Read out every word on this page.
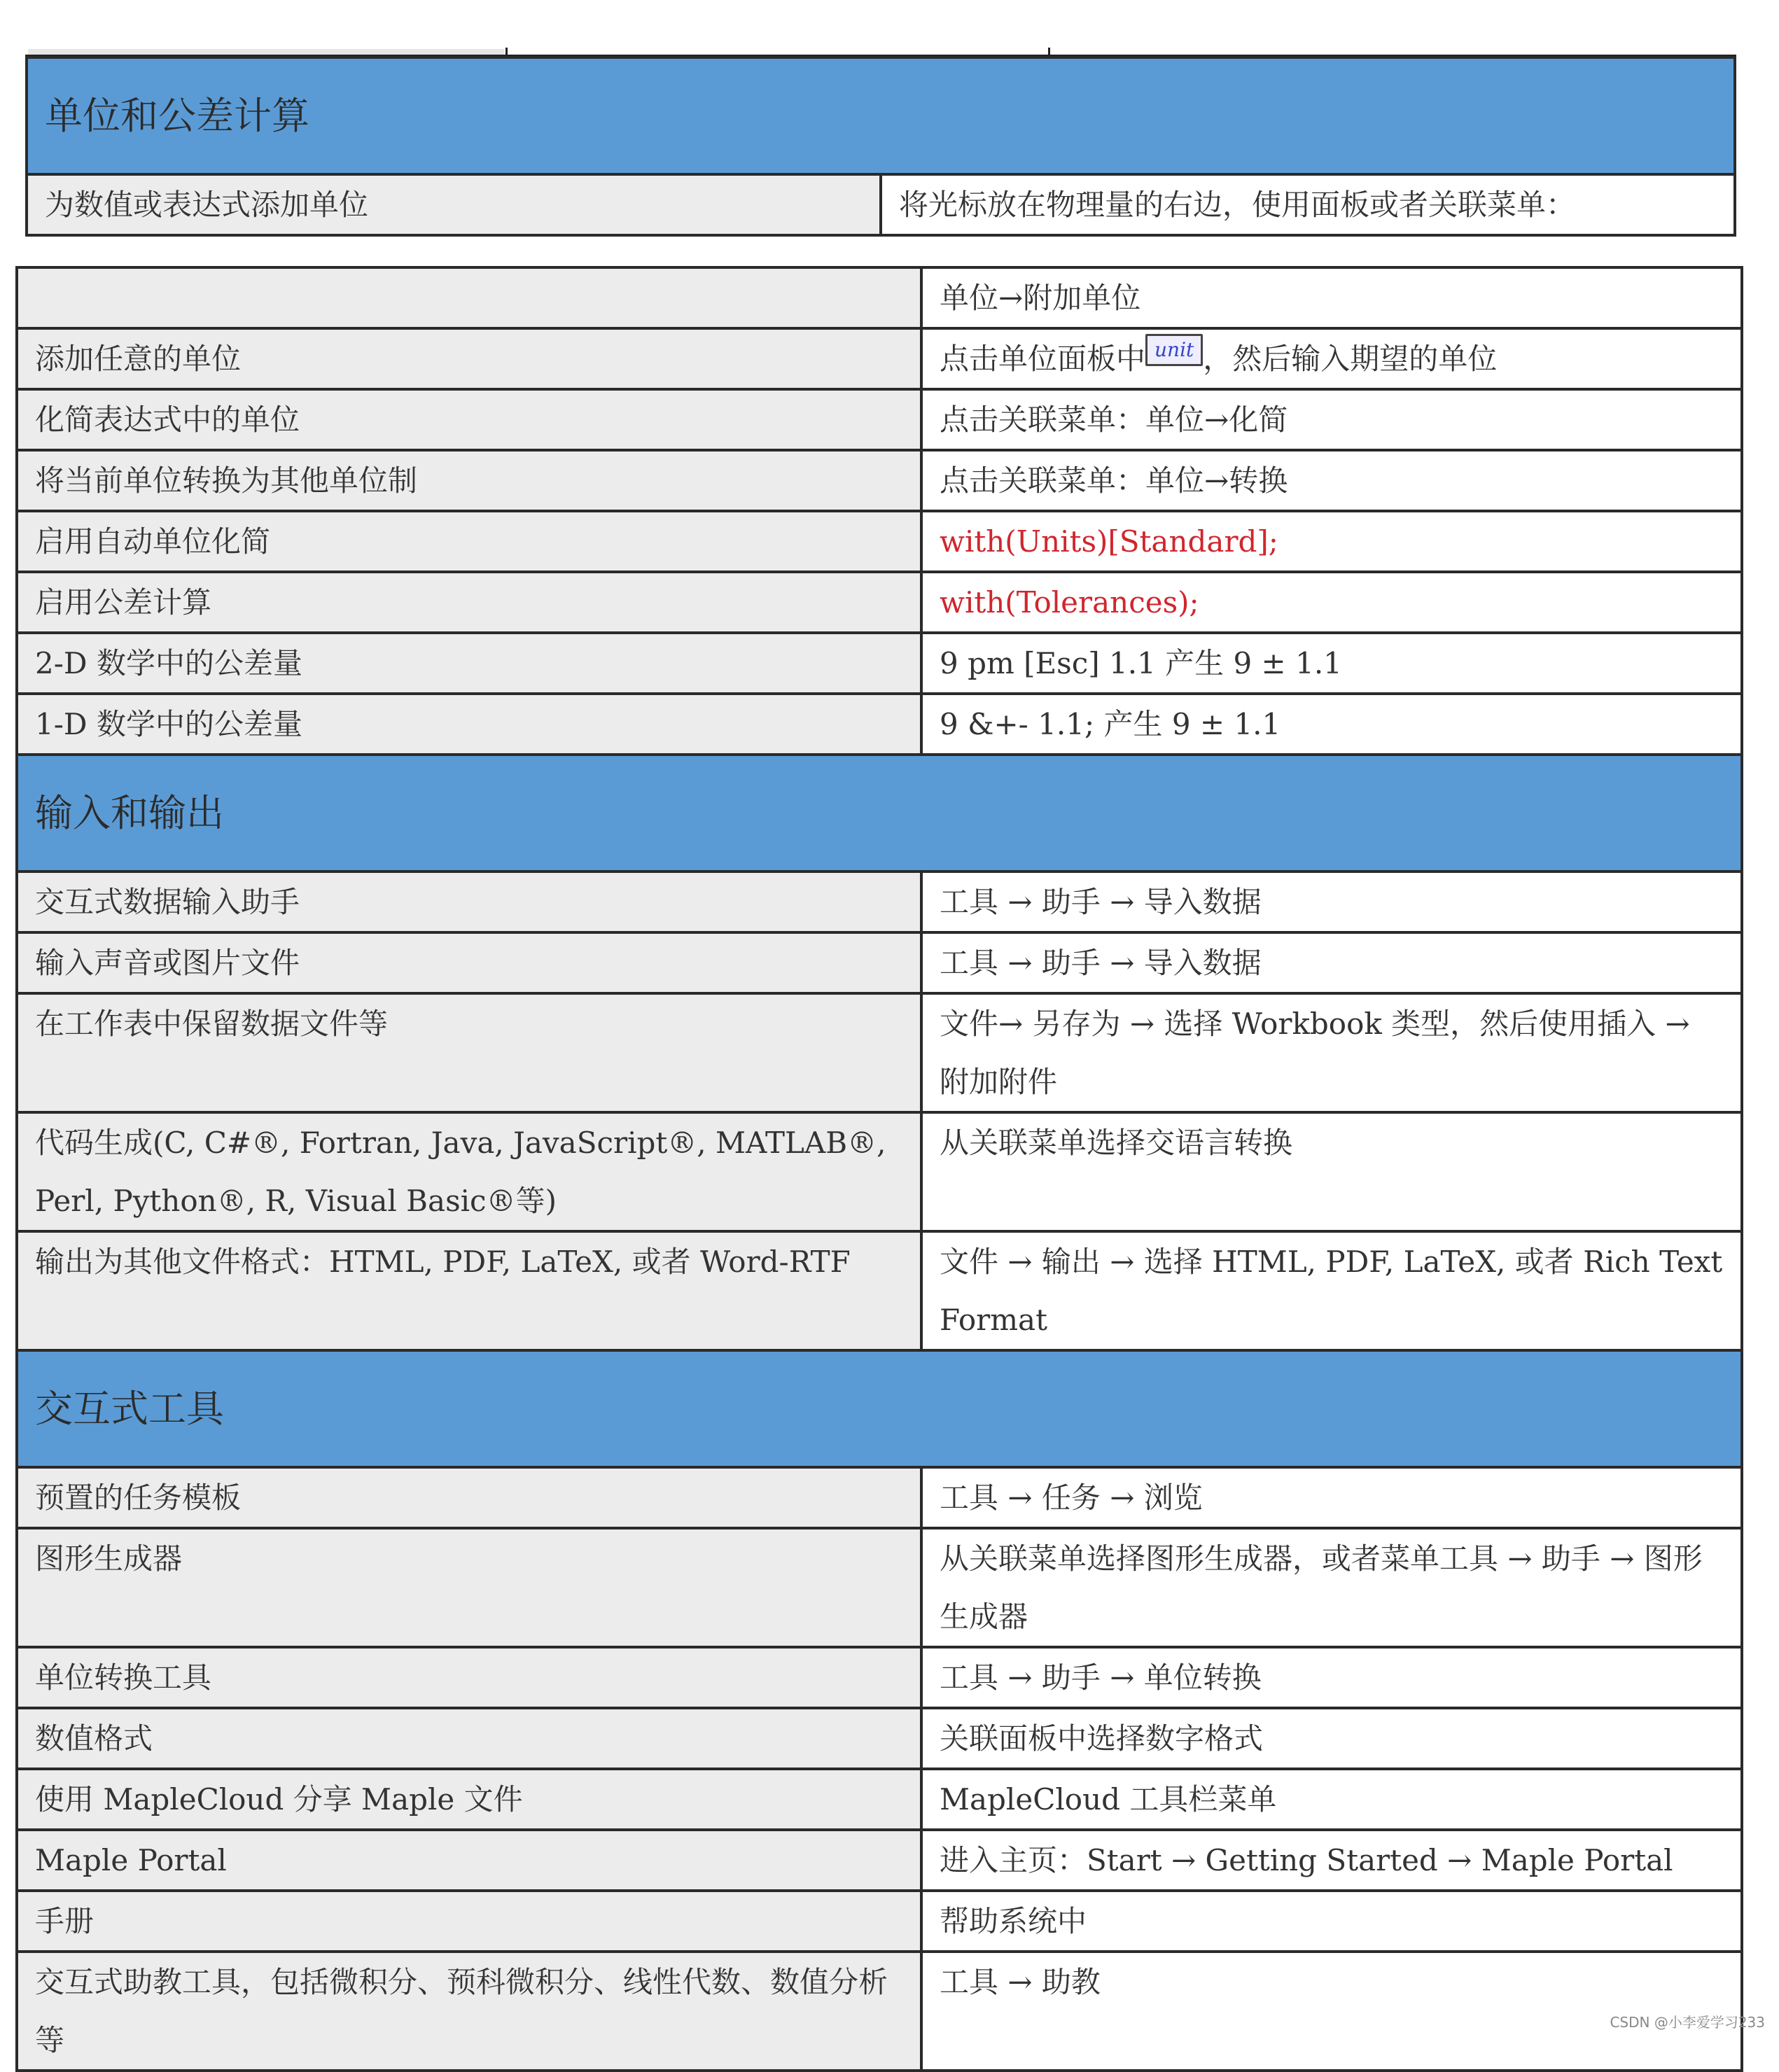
单位和公差计算
为数值或表达式添加单位	将光标放在物理量的右边，使用面板或者关联菜单：
	单位→附加单位
添加任意的单位	点击单位面板中 unit ，然后输入期望的单位
化简表达式中的单位	点击关联菜单：单位→化简
将当前单位转换为其他单位制	点击关联菜单：单位→转换
启用自动单位化简	with(Units)[Standard];
启用公差计算	with(Tolerances);
2-D 数学中的公差量	9 pm [Esc] 1.1 产生 9 ± 1.1
1-D 数学中的公差量	9 &+- 1.1; 产生 9 ± 1.1
输入和输出	
交互式数据输入助手	工具 → 助手 → 导入数据
输入声音或图片文件	工具 → 助手 → 导入数据
在工作表中保留数据文件等	文件→ 另存为 → 选择 Workbook 类型，然后使用插入 → 附加附件
代码生成(C, C#®, Fortran, Java, JavaScript®, MATLAB®, Perl, Python®, R, Visual Basic®等)	从关联菜单选择交语言转换
输出为其他文件格式：HTML, PDF, LaTeX, 或者 Word-RTF	文件 → 输出 → 选择 HTML, PDF, LaTeX, 或者 Rich Text Format
交互式工具	
预置的任务模板	工具 → 任务 → 浏览
图形生成器	从关联菜单选择图形生成器，或者菜单工具 → 助手 → 图形生成器
单位转换工具	工具 → 助手 → 单位转换
数值格式	关联面板中选择数字格式
使用 MapleCloud 分享 Maple 文件	MapleCloud 工具栏菜单
Maple Portal	进入主页：Start → Getting Started → Maple Portal
手册	帮助系统中
交互式助教工具，包括微积分、预科微积分、线性代数、数值分析等	工具 → 助教
CSDN @小李爱学习233
